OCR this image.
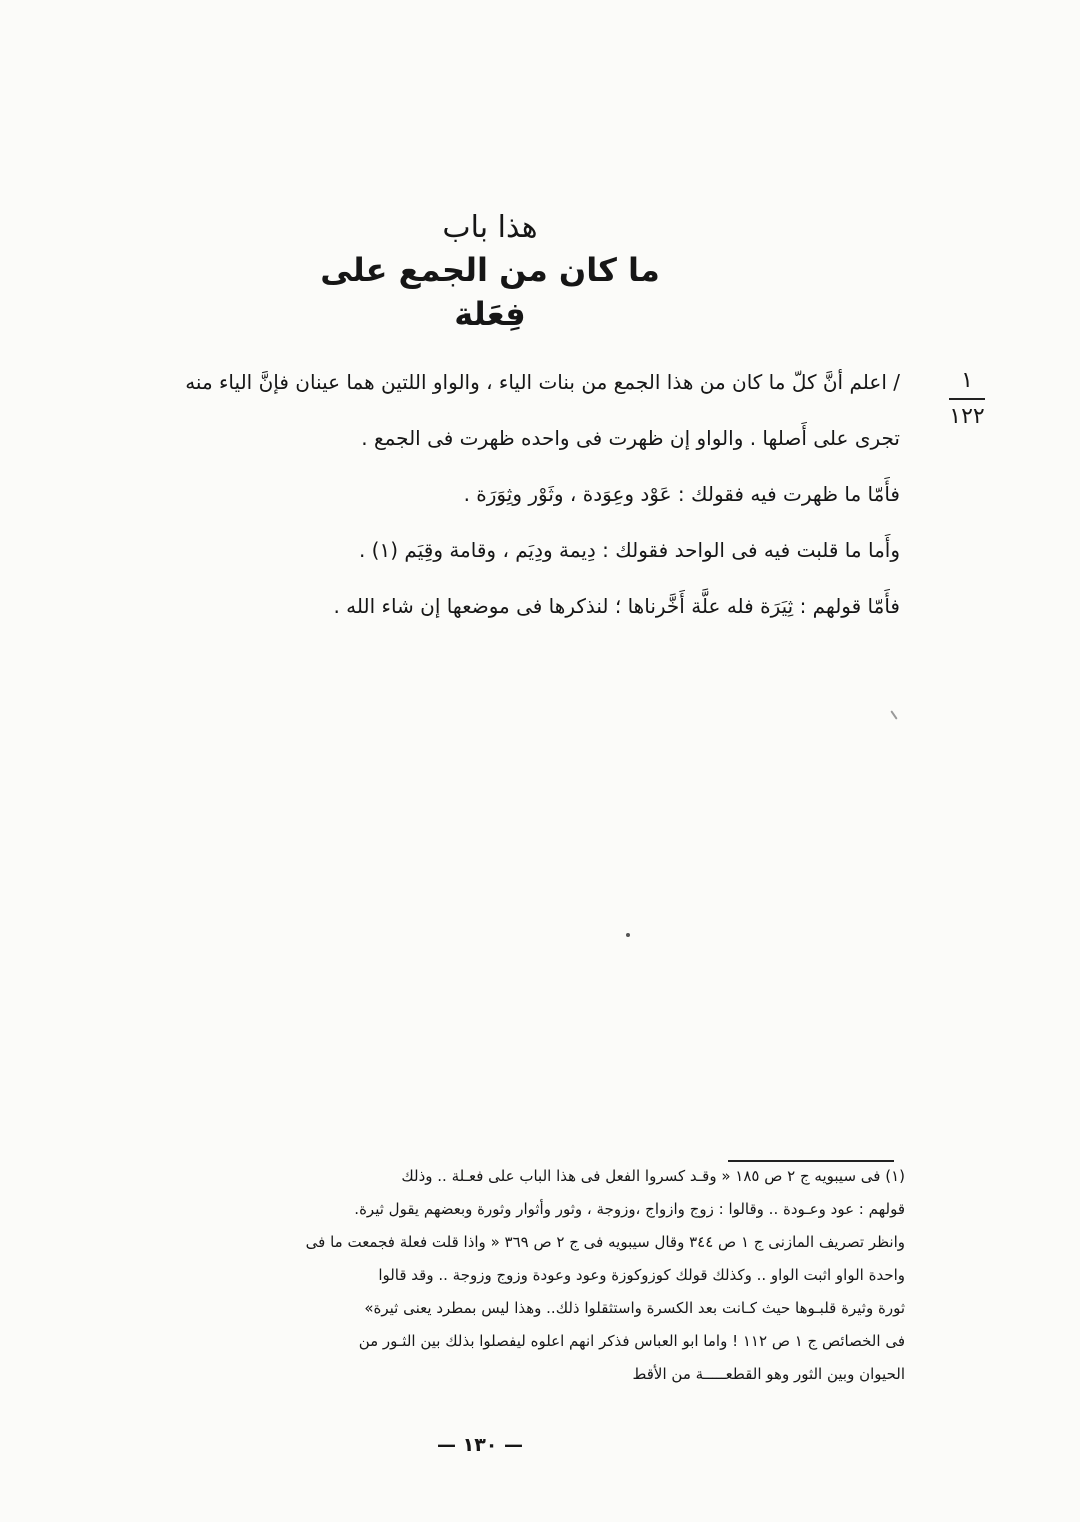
هذا باب

ما كان من الجمع على فِعَلة

١
١٢٢

/ اعلم أنَّ كلّ ما كان من هذا الجمع من بنات الياء ، والواو اللتين هما عينان فإنَّ الياء منه

تجرى على أَصلها . والواو إن ظهرت فى واحده ظهرت فى الجمع .

فأَمّا ما ظهرت فيه فقولك : عَوْد وعِوَدة ، وثَوْر وثِوَرَة .

وأَما ما قلبت فيه فى الواحد فقولك : دِيمة ودِيَم ، وقامة وقِيَم (١) .

فأَمّا قولهم : ثِيَرَة فله علَّة أَخَّرناها ؛ لنذكرها فى موضعها إن شاء الله .

(١) فى سيبويه ج ٢ ص ١٨٥ « وقـد كسروا الفعل فى هذا الباب على فعـلة .. وذلك

قولهم : عود وعـودة .. وقالوا : زوج وازواج ،وزوجة ، وثور وأثوار وثورة وبعضهم يقول ثيرة.

وانظر تصريف المازنى ج ١ ص ٣٤٤ وقال سيبويه فى ج ٢ ص ٣٦٩ « واذا قلت فعلة فجمعت ما فى

واحدة الواو اثبت الواو .. وكذلك قولك كوزوكوزة وعود وعودة وزوج وزوجة .. وقد قالوا

ثورة وثيرة قلبـوها حيث كـانت بعد الكسرة واستثقلوا ذلك.. وهذا ليس بمطرد يعنى ثيرة»

فى الخصائص ج ١ ص ١١٢ ! واما ابو العباس فذكر انهم اعلوه ليفصلوا بذلك بين الثـور من

الحيوان وبين الثور وهو القطعـــــة من الأقط

— ١٣٠ —
